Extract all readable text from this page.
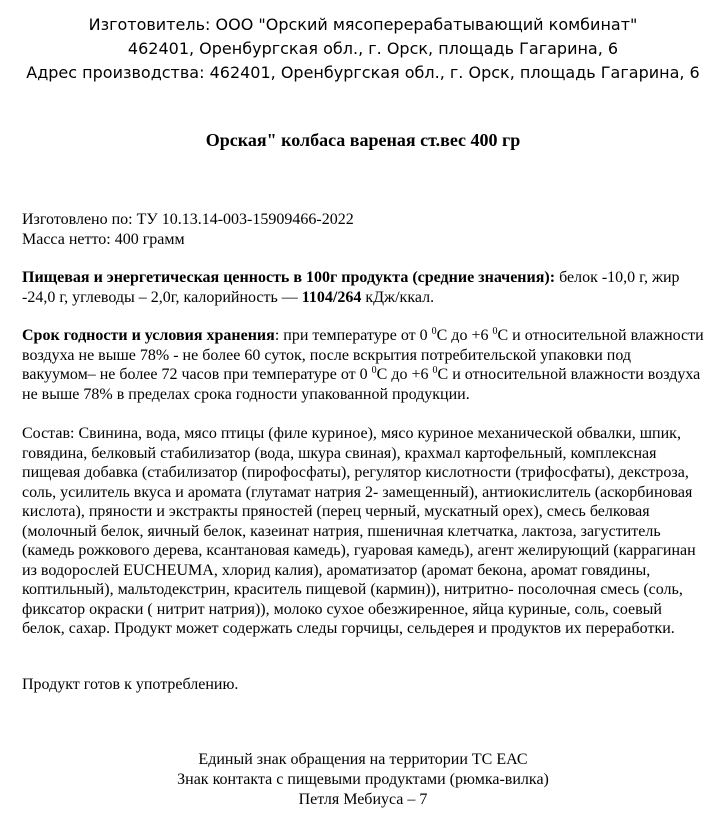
Изготовитель: ООО "Орский мясоперерабатывающий комбинат"
462401, Оренбургская обл., г. Орск, площадь Гагарина, 6
Адрес производства: 462401, Оренбургская обл., г. Орск, площадь Гагарина, 6
Орская" колбаса вареная ст.вес 400 гр

Изготовлено по: ТУ 10.13.14-003-15909466-2022

Масса нетто: 400 грамм

Пищевая и энергетическая ценность в 100г продукта (средние значения): белок -10,0 г, жир -24,0 г, углеводы – 2,0г, калорийность — 1104/264 кДж/ккал.

Срок годности и условия хранения: при температуре от 0 $^0$С до +6 $^0$С и относительной влажности воздуха не выше 78% - не более 60 суток, после вскрытия потребительской упаковки под вакуумом– не более 72 часов при температуре от 0 $^0$С до +6 $^0$С и относительной влажности воздуха не выше 78% в пределах срока годности упакованной продукции.

Состав: Свинина, вода, мясо птицы (филе куриное), мясо куриное механической обвалки, шпик, говядина, белковый стабилизатор (вода, шкура свиная), крахмал картофельный, комплексная пищевая добавка (стабилизатор (пирофосфаты), регулятор кислотности (трифосфаты), декстроза, соль, усилитель вкуса и аромата (глутамат натрия 2- замещенный), антиокислитель (аскорбиновая кислота), пряности и экстракты пряностей (перец черный, мускатный орех), смесь белковая (молочный белок, яичный белок, казеинат натрия, пшеничная клетчатка, лактоза, загуститель (камедь рожкового дерева, ксантановая камедь), гуаровая камедь), агент желирующий (каррагинан из водорослей EUCHEUMA, хлорид калия), ароматизатор (аромат бекона, аромат говядины, коптильный), мальтодекстрин, краситель пищевой (кармин)), нитритно- посолочная смесь (соль, фиксатор окраски ( нитрит натрия)), молоко сухое обезжиренное, яйца куриные, соль, соевый белок, сахар. Продукт может содержать следы горчицы, сельдерея и продуктов их переработки.

Продукт готов к употреблению.

Единый знак обращения на территории ТС ЕАС
Знак контакта с пищевыми продуктами (рюмка-вилка)
Петля Мебиуса – 7
